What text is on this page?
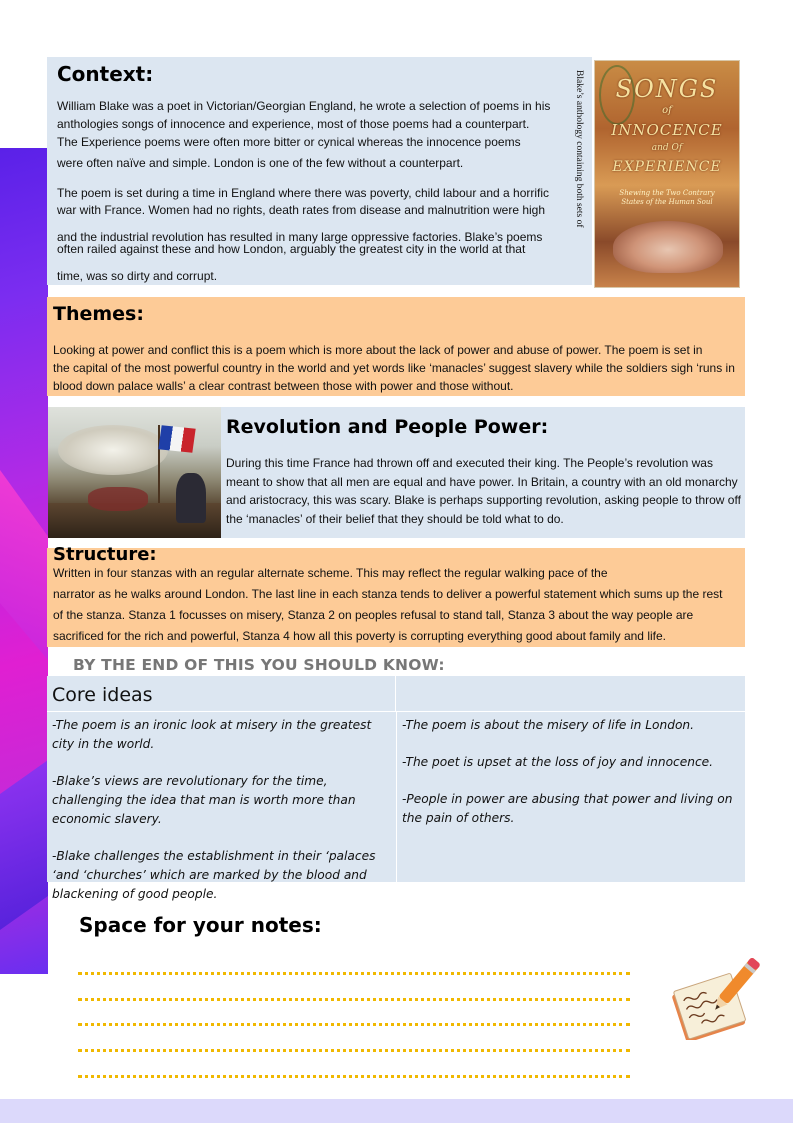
Context:
William Blake was a poet in Victorian/Georgian England, he wrote a selection of poems in his
anthologies songs of innocence and experience, most of those poems had a counterpart.
The Experience poems were often more bitter or cynical whereas the innocence poems
were often naïve and simple. London is one of the few without a counterpart.
The poem is set during a time in England where there was poverty, child labour and a horrific
war with France. Women had no rights, death rates from disease and malnutrition were high
and the industrial revolution has resulted in many large oppressive factories. Blake’s poems
often railed against these and how London, arguably the greatest city in the world at that
time, was so dirty and corrupt.
Blake’s anthology containing both sets of	SONGS
of
INNOCENCE
and Of
EXPERIENCE
Shewing the Two Contrary States of the Human Soul
Themes:
Looking at power and conflict this is a poem which is more about the lack of power and abuse of power. The poem is set in
the capital of the most powerful country in the world and yet words like ‘manacles’ suggest slavery while the soldiers sigh ‘runs in
blood down palace walls’ a clear contrast between those with power and those without.
Revolution and People Power:
During this time France had thrown off and executed their king. The People’s revolution was
meant to show that all men are equal and have power. In Britain, a country with an old monarchy
and aristocracy, this was scary. Blake is perhaps supporting revolution, asking people to throw off
the ‘manacles’ of their belief that they should be told what to do.
Structure:
Written in four stanzas with an regular alternate scheme. This may reflect the regular walking pace of the
narrator as he walks around London. The last line in each stanza tends to deliver a powerful statement which sums up the rest
of the stanza. Stanza 1 focusses on misery, Stanza 2 on peoples refusal to stand tall, Stanza 3 about the way people are
sacrificed for the rich and powerful, Stanza 4 how all this poverty is corrupting everything good about family and life.
BY THE END OF THIS YOU SHOULD KNOW:
Core ideas
-The poem is an ironic look at misery in the greatest city in the world.
-Blake’s views are revolutionary for the time, challenging the idea that man is worth more than economic slavery.
-Blake challenges the establishment in their ‘palaces ‘and ‘churches’ which are marked by the blood and blackening of good people.
-The poem is about the misery of life in London.
-The poet is upset at the loss of joy and innocence.
-People in power are abusing that power and living on the pain of others.
Space for your notes:
